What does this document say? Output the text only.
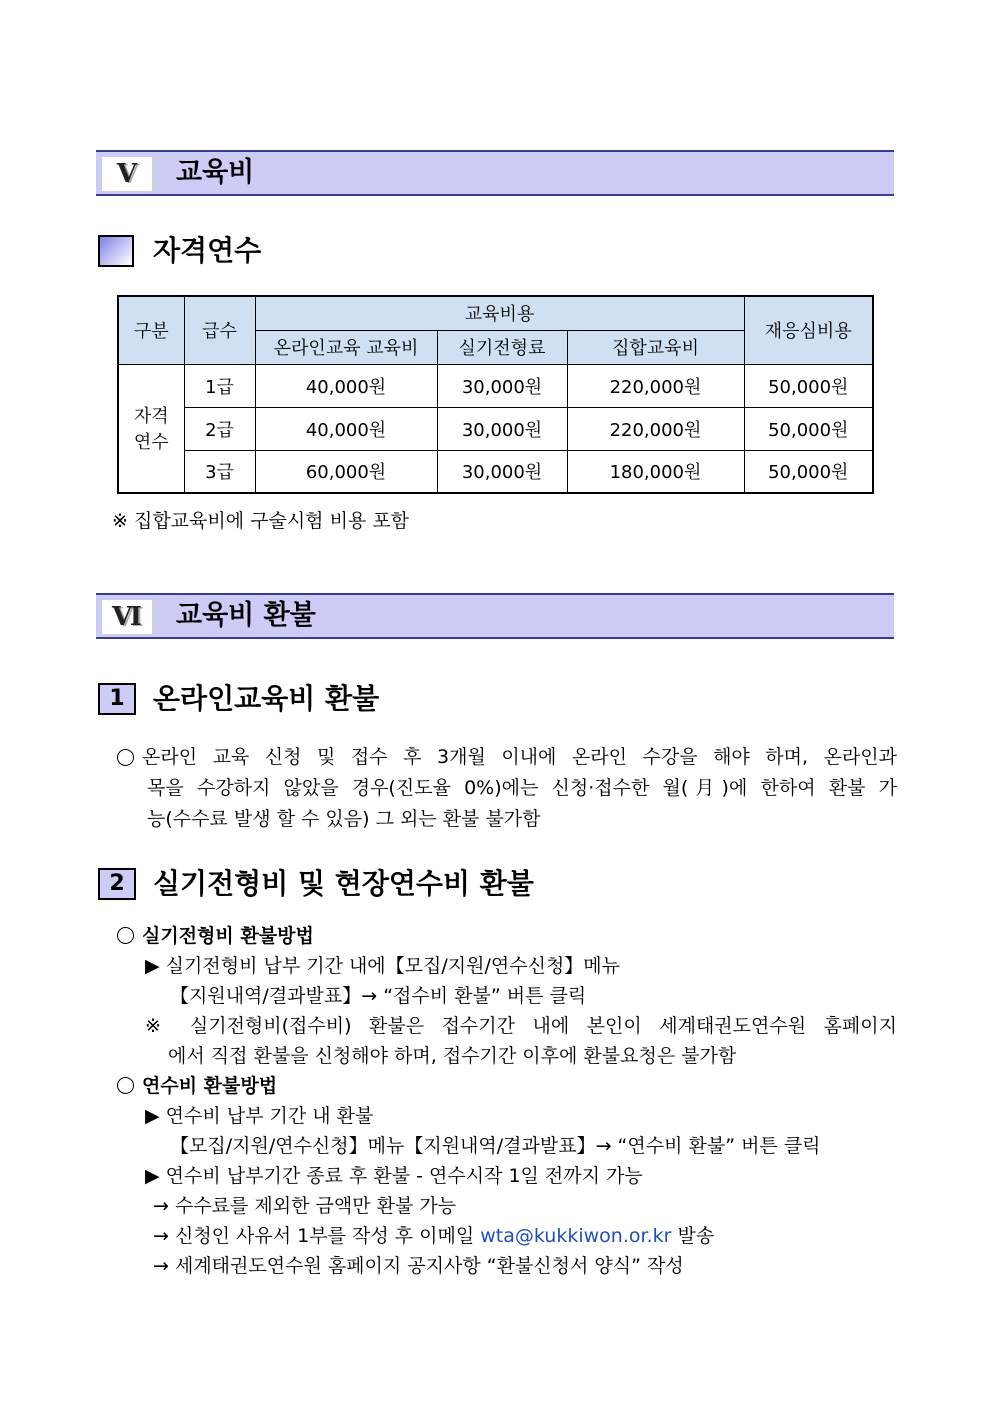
Ⅴ	교육비
자격연수
구분	급수	교육비용			재응심비용
		온라인교육 교육비	실기전형료	집합교육비	

자격
연수	1급	40,000원	30,000원	220,000원	50,000원
	2급	40,000원	30,000원	220,000원	50,000원
	3급	60,000원	30,000원	180,000원	50,000원
※ 집합교육비에 구술시험 비용 포함
Ⅵ	교육비 환불
1	온라인교육비 환불
온라인 교육 신청 및 접수 후 3개월 이내에 온라인 수강을 해야 하며, 온라인과
목을 수강하지 않았을 경우(진도율 0%)에는 신청·접수한 월(月)에 한하여 환불 가
능(수수료 발생 할 수 있음) 그 외는 환불 불가함
2	실기전형비 및 현장연수비 환불
실기전형비 환불방법
▶ 실기전형비 납부 기간 내에【모집/지원/연수신청】메뉴
【지원내역/결과발표】→ “접수비 환불” 버튼 클릭
※ 실기전형비(접수비) 환불은 접수기간 내에 본인이 세계태권도연수원 홈페이지
에서 직접 환불을 신청해야 하며, 접수기간 이후에 환불요청은 불가함
연수비 환불방법
▶ 연수비 납부 기간 내 환불
【모집/지원/연수신청】메뉴【지원내역/결과발표】→ “연수비 환불” 버튼 클릭
▶ 연수비 납부기간 종료 후 환불 - 연수시작 1일 전까지 가능
→ 수수료를 제외한 금액만 환불 가능
→ 신청인 사유서 1부를 작성 후 이메일 wta@kukkiwon.or.kr 발송
→ 세계태권도연수원 홈페이지 공지사항 “환불신청서 양식” 작성
